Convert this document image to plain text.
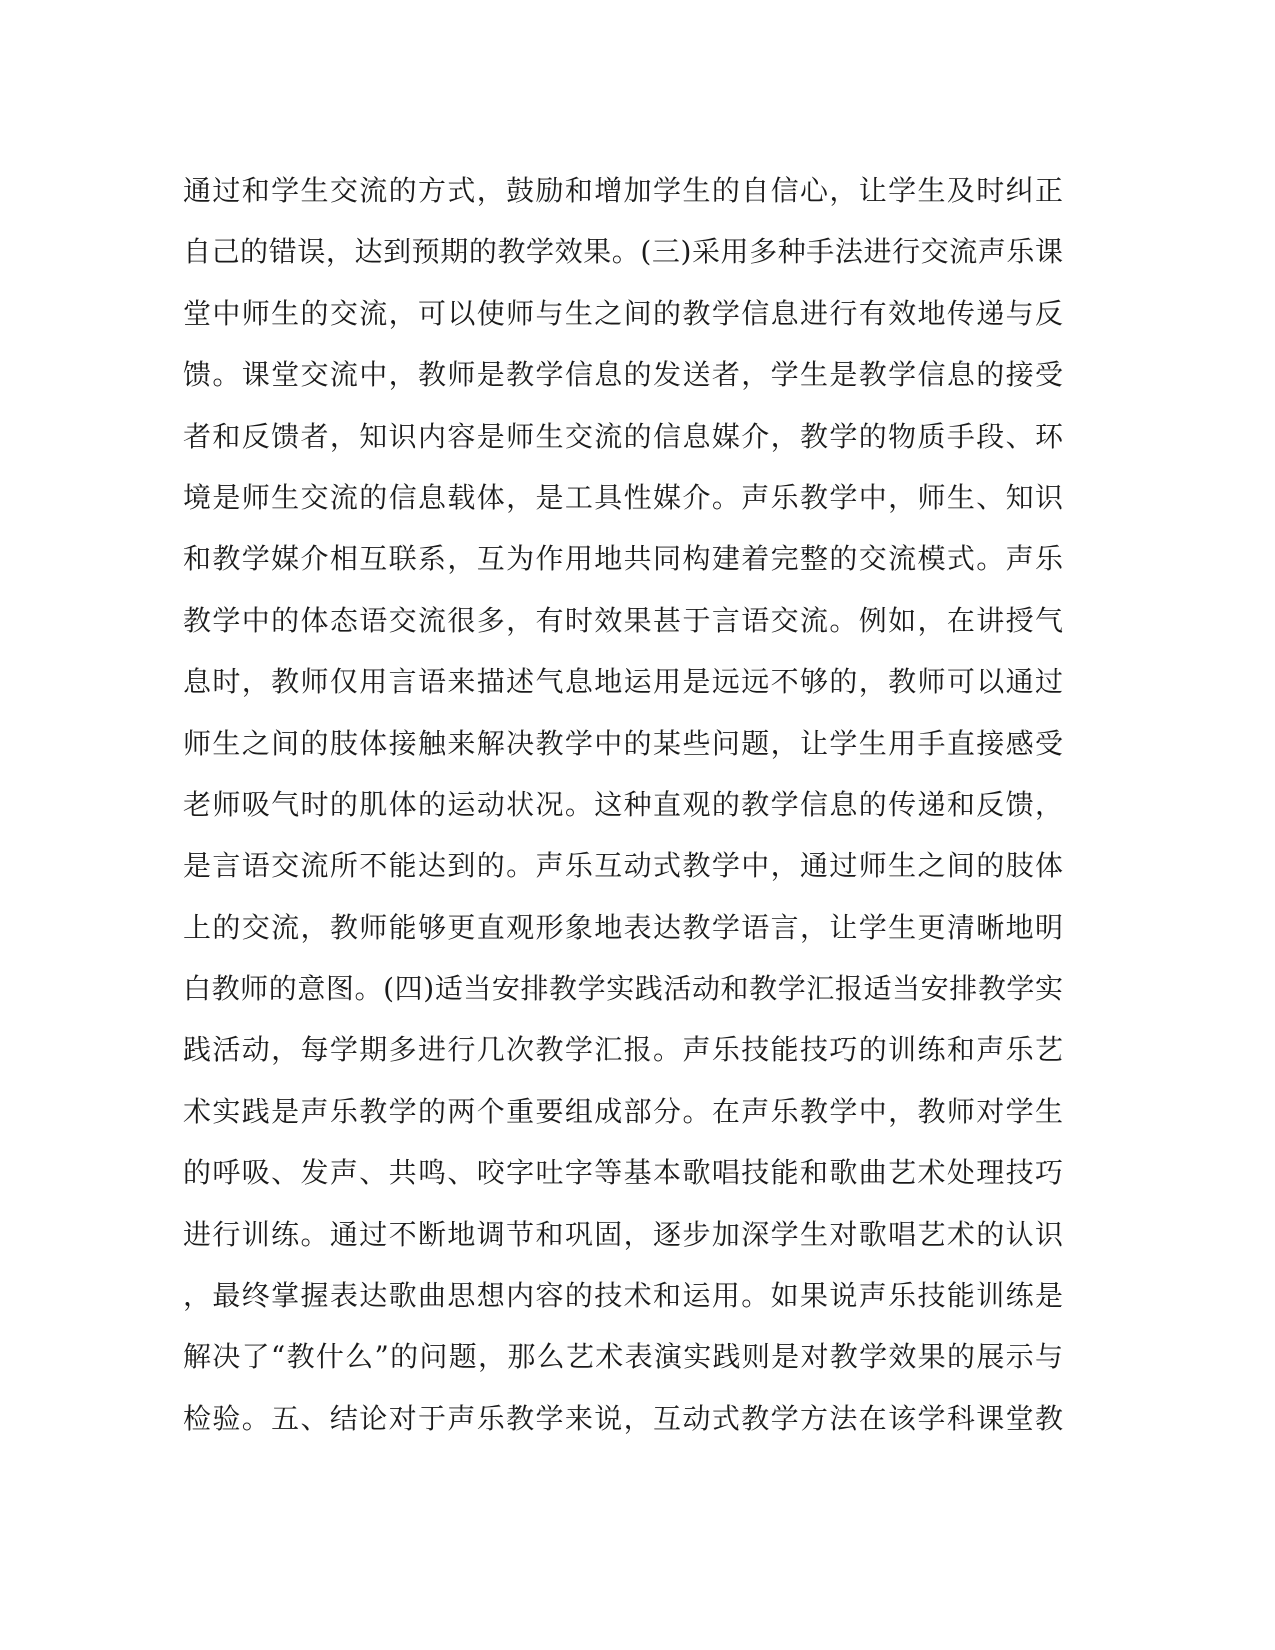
通过和学生交流的方式，鼓励和增加学生的自信心，让学生及时纠正
自己的错误，达到预期的教学效果。(三)采用多种手法进行交流声乐课
堂中师生的交流，可以使师与生之间的教学信息进行有效地传递与反
馈。课堂交流中，教师是教学信息的发送者，学生是教学信息的接受
者和反馈者，知识内容是师生交流的信息媒介，教学的物质手段、环
境是师生交流的信息载体，是工具性媒介。声乐教学中，师生、知识
和教学媒介相互联系，互为作用地共同构建着完整的交流模式。声乐
教学中的体态语交流很多，有时效果甚于言语交流。例如，在讲授气
息时，教师仅用言语来描述气息地运用是远远不够的，教师可以通过
师生之间的肢体接触来解决教学中的某些问题，让学生用手直接感受
老师吸气时的肌体的运动状况。这种直观的教学信息的传递和反馈，
是言语交流所不能达到的。声乐互动式教学中，通过师生之间的肢体
上的交流，教师能够更直观形象地表达教学语言，让学生更清晰地明
白教师的意图。(四)适当安排教学实践活动和教学汇报适当安排教学实
践活动，每学期多进行几次教学汇报。声乐技能技巧的训练和声乐艺
术实践是声乐教学的两个重要组成部分。在声乐教学中，教师对学生
的呼吸、发声、共鸣、咬字吐字等基本歌唱技能和歌曲艺术处理技巧
进行训练。通过不断地调节和巩固，逐步加深学生对歌唱艺术的认识
，最终掌握表达歌曲思想内容的技术和运用。如果说声乐技能训练是
解决了“教什么”的问题，那么艺术表演实践则是对教学效果的展示与
检验。五、结论对于声乐教学来说，互动式教学方法在该学科课堂教
